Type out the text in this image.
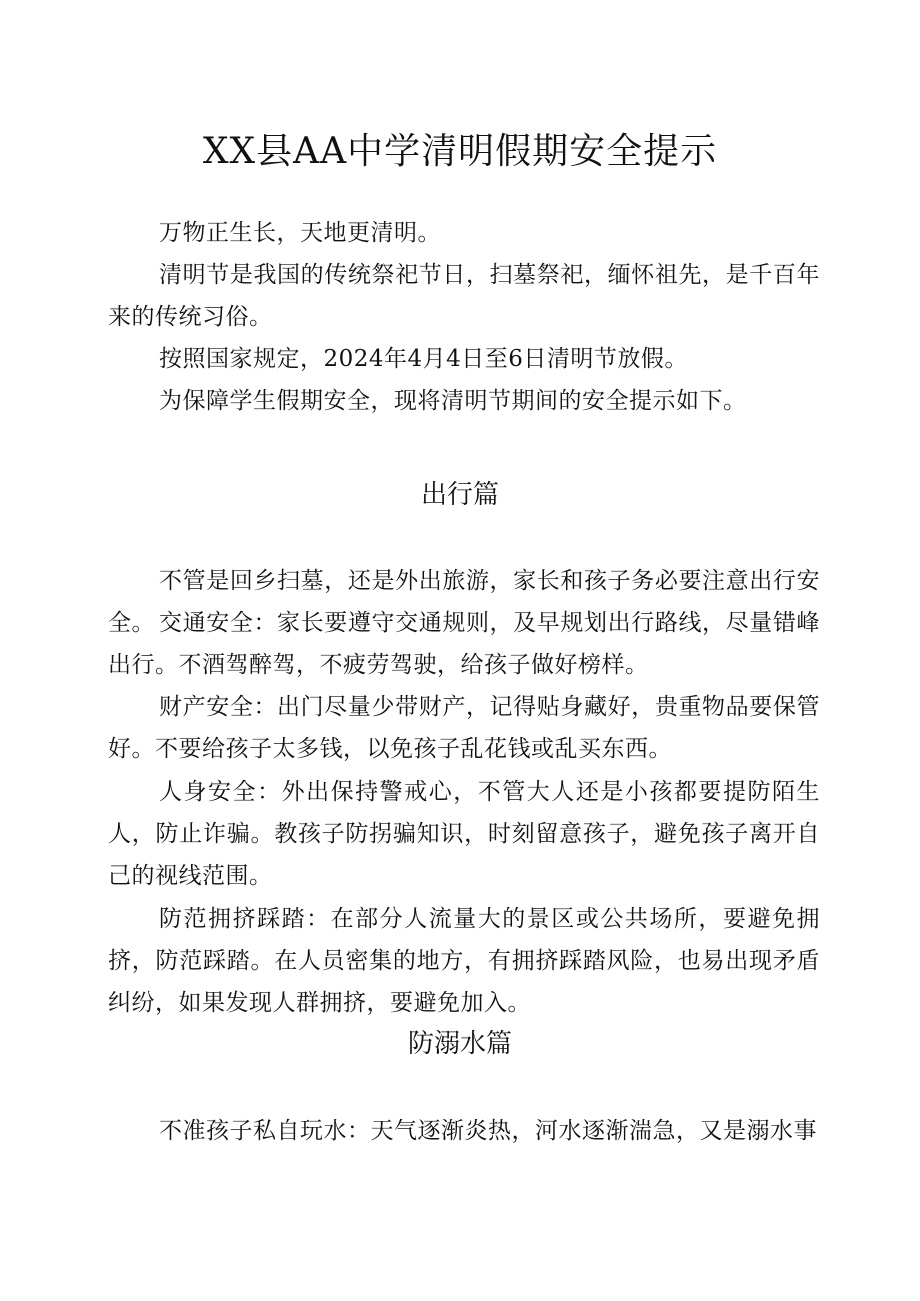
XX县AA中学清明假期安全提示

万物正生长，天地更清明。

清明节是我国的传统祭祀节日，扫墓祭祀，缅怀祖先，是千百年来的传统习俗。

按照国家规定，2024年4月4日至6日清明节放假。

为保障学生假期安全，现将清明节期间的安全提示如下。

出行篇

不管是回乡扫墓，还是外出旅游，家长和孩子务必要注意出行安全。 交通安全：家长要遵守交通规则，及早规划出行路线，尽量错峰出行。不酒驾醉驾，不疲劳驾驶，给孩子做好榜样。

财产安全：出门尽量少带财产，记得贴身藏好，贵重物品要保管好。不要给孩子太多钱，以免孩子乱花钱或乱买东西。

人身安全：外出保持警戒心，不管大人还是小孩都要提防陌生人，防止诈骗。教孩子防拐骗知识，时刻留意孩子，避免孩子离开自己的视线范围。

防范拥挤踩踏：在部分人流量大的景区或公共场所，要避免拥挤，防范踩踏。在人员密集的地方，有拥挤踩踏风险，也易出现矛盾纠纷，如果发现人群拥挤，要避免加入。

防溺水篇

不准孩子私自玩水：天气逐渐炎热，河水逐渐湍急，又是溺水事
